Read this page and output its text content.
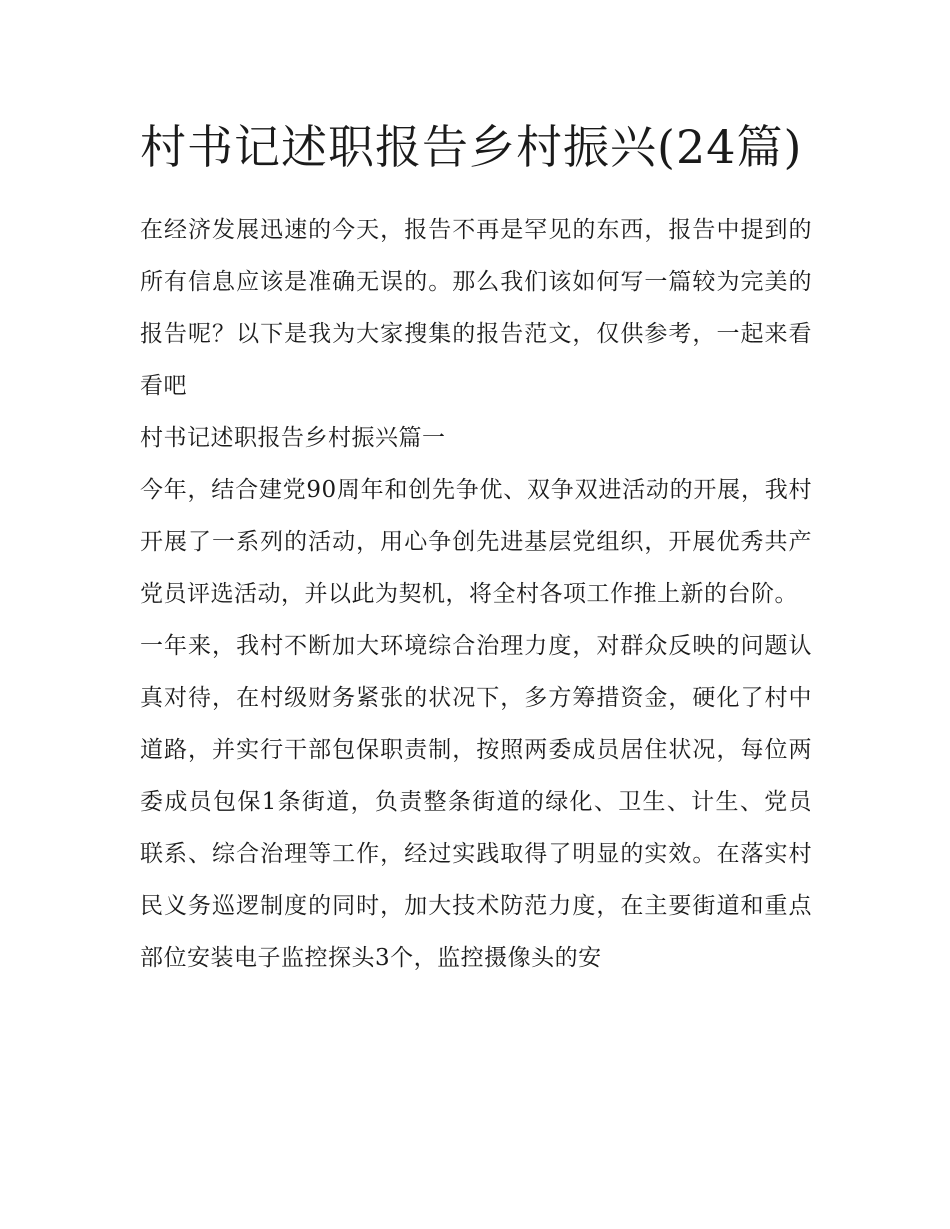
村书记述职报告乡村振兴(24篇)

在经济发展迅速的今天，报告不再是罕见的东西，报告中提到的所有信息应该是准确无误的。那么我们该如何写一篇较为完美的报告呢？以下是我为大家搜集的报告范文，仅供参考，一起来看看吧

村书记述职报告乡村振兴篇一

今年，结合建党90周年和创先争优、双争双进活动的开展，我村开展了一系列的活动，用心争创先进基层党组织，开展优秀共产党员评选活动，并以此为契机，将全村各项工作推上新的台阶。

一年来，我村不断加大环境综合治理力度，对群众反映的问题认真对待，在村级财务紧张的状况下，多方筹措资金，硬化了村中道路，并实行干部包保职责制，按照两委成员居住状况，每位两委成员包保1条街道，负责整条街道的绿化、卫生、计生、党员联系、综合治理等工作，经过实践取得了明显的实效。在落实村民义务巡逻制度的同时，加大技术防范力度，在主要街道和重点部位安装电子监控探头3个，监控摄像头的安
